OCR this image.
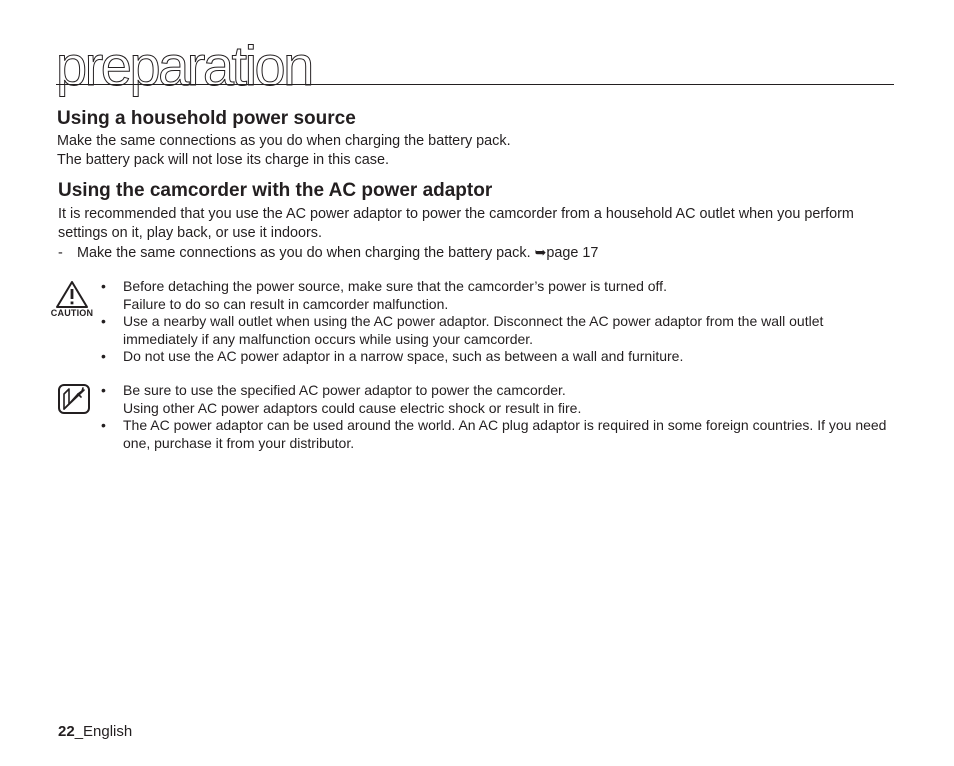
preparation
Using a household power source

Make the same connections as you do when charging the battery pack.

The battery pack will not lose its charge in this case.

Using the camcorder with the AC power adaptor

It is recommended that you use the AC power adaptor to power the camcorder from a household AC outlet when you perform settings on it, play back, or use it indoors.

- Make the same connections as you do when charging the battery pack. ➥page 17

CAUTION
• Before detaching the power source, make sure that the camcorder’s power is turned off.
Failure to do so can result in camcorder malfunction.
• Use a nearby wall outlet when using the AC power adaptor. Disconnect the AC power adaptor from the wall outlet immediately if any malfunction occurs while using your camcorder.
• Do not use the AC power adaptor in a narrow space, such as between a wall and furniture.
• Be sure to use the specified AC power adaptor to power the camcorder.
Using other AC power adaptors could cause electric shock or result in fire.
• The AC power adaptor can be used around the world. An AC plug adaptor is required in some foreign countries. If you need one, purchase it from your distributor.
22_English
